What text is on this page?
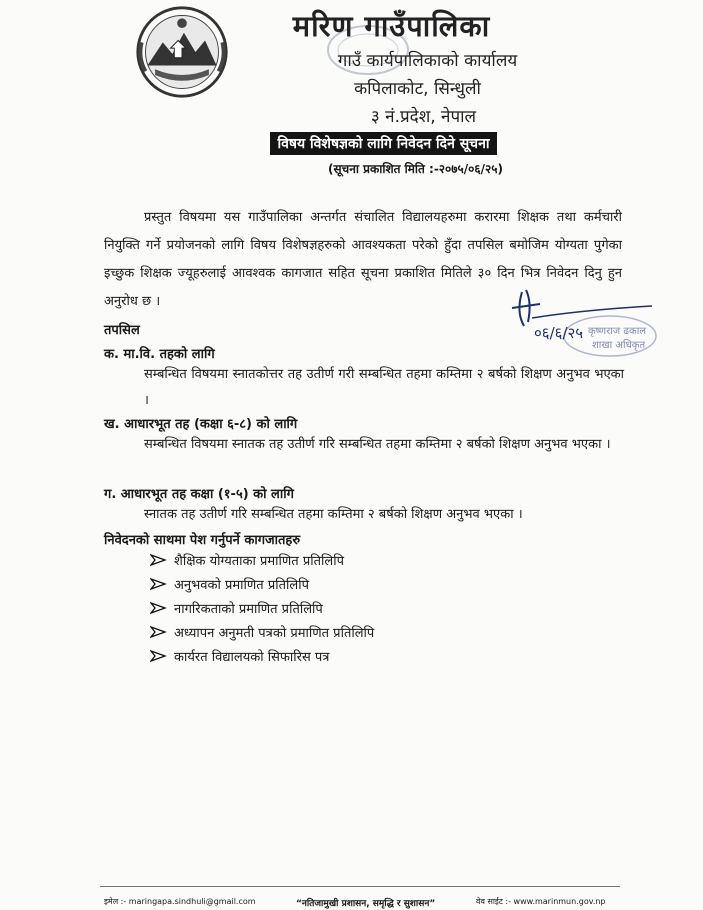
मरिण गाउँपालिका
गाउँ कार्यपालिकाको कार्यालय
कपिलाकोट, सिन्धुली
३ नं.प्रदेश, नेपाल
विषय विशेषज्ञको लागि निवेदन दिने सूचना
(सूचना प्रकाशित मिति :-२०७५/०६/२५)

प्रस्तुत विषयमा यस गाउँपालिका अन्तर्गत संचालित विद्यालयहरुमा करारमा शिक्षक तथा कर्मचारी नियुक्ति गर्ने प्रयोजनको लागि विषय विशेषज्ञहरुको आवश्यकता परेको हुँदा तपसिल बमोजिम योग्यता पुगेका इच्छुक शिक्षक ज्यूहरुलाई आवश्वक कागजात सहित सूचना प्रकाशित मितिले ३० दिन भित्र निवेदन दिनु हुन अनुरोध छ ।

तपसिल
क. मा.वि. तहको लागि

सम्बन्धित विषयमा स्नातकोत्तर तह उतीर्ण गरी सम्बन्धित तहमा कम्तिमा २ बर्षको शिक्षण अनुभव भएका ।

ख. आधारभूत तह (कक्षा ६-८) को लागि

सम्बन्धित विषयमा स्नातक तह उतीर्ण गरि सम्बन्धित तहमा कम्तिमा २ बर्षको शिक्षण अनुभव भएका ।

ग. आधारभूत तह कक्षा (१-५) को लागि

स्नातक तह उतीर्ण गरि सम्बन्धित तहमा कम्तिमा २ बर्षको शिक्षण अनुभव भएका ।

निवेदनको साथमा पेश गर्नुपर्ने कागजातहरु
शैक्षिक योग्यताका प्रमाणित प्रतिलिपि
अनुभवको प्रमाणित प्रतिलिपि
नागरिकताको प्रमाणित प्रतिलिपि
अध्यापन अनुमती पत्रको प्रमाणित प्रतिलिपि
कार्यरत विद्यालयको सिफारिस पत्र
०६/६/२५ कृष्णराज ढकाल
शाखा अधिकृत
इमेल :- maringapa.sindhuli@gmail.com	“नतिजामुखी प्रशासन, समृद्धि र सुशासन”	वेव साईट :- www.marinmun.gov.np
